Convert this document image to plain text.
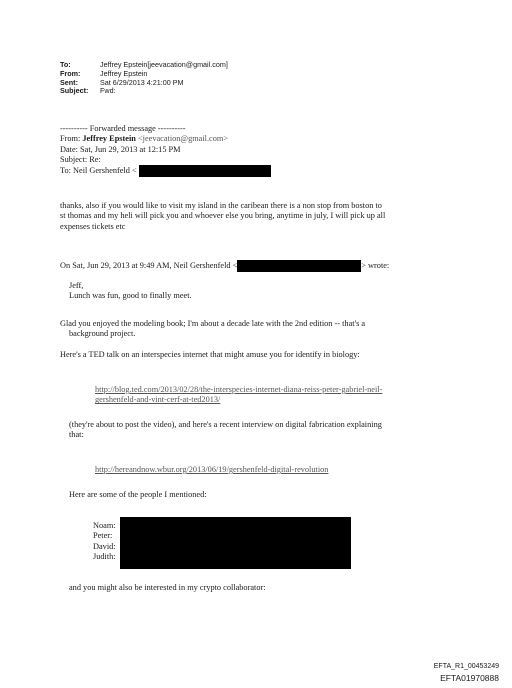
To:	Jeffrey Epstein[jeevacation@gmail.com]
From:	Jeffrey Epstein
Sent:	Sat 6/29/2013 4:21:00 PM
Subject:	Fwd:

---------- Forwarded message ----------

From: Jeffrey Epstein <jeevacation@gmail.com>

Date: Sat, Jun 29, 2013 at 12:15 PM

Subject: Re:

To: Neil Gershenfeld <

thanks, also if you would like to visit my island in the caribean there is a non stop from boston to

st thomas and my heli will pick you and whoever else you bring, anytime in july, I will pick up all

expenses tickets etc

On Sat, Jun 29, 2013 at 9:49 AM, Neil Gershenfeld <	> wrote:

Jeff,

Lunch was fun, good to finally meet.

Glad you enjoyed the modeling book; I'm about a decade late with the 2nd edition -- that's a

background project.

Here's a TED talk on an interspecies internet that might amuse you for identify in biology:

http://blog.ted.com/2013/02/28/the-interspecies-internet-diana-reiss-peter-gabriel-neil-

gershenfeld-and-vint-cerf-at-ted2013/

(they're about to post the video), and here's a recent interview on digital fabrication explaining

that:

http://hereandnow.wbur.org/2013/06/19/gershenfeld-digital-revolution

Here are some of the people I mentioned:

Noam:

Peter:

David:

Judith:

and you might also be interested in my crypto collaborator:

EFTA_R1_00453249
EFTA01970888
